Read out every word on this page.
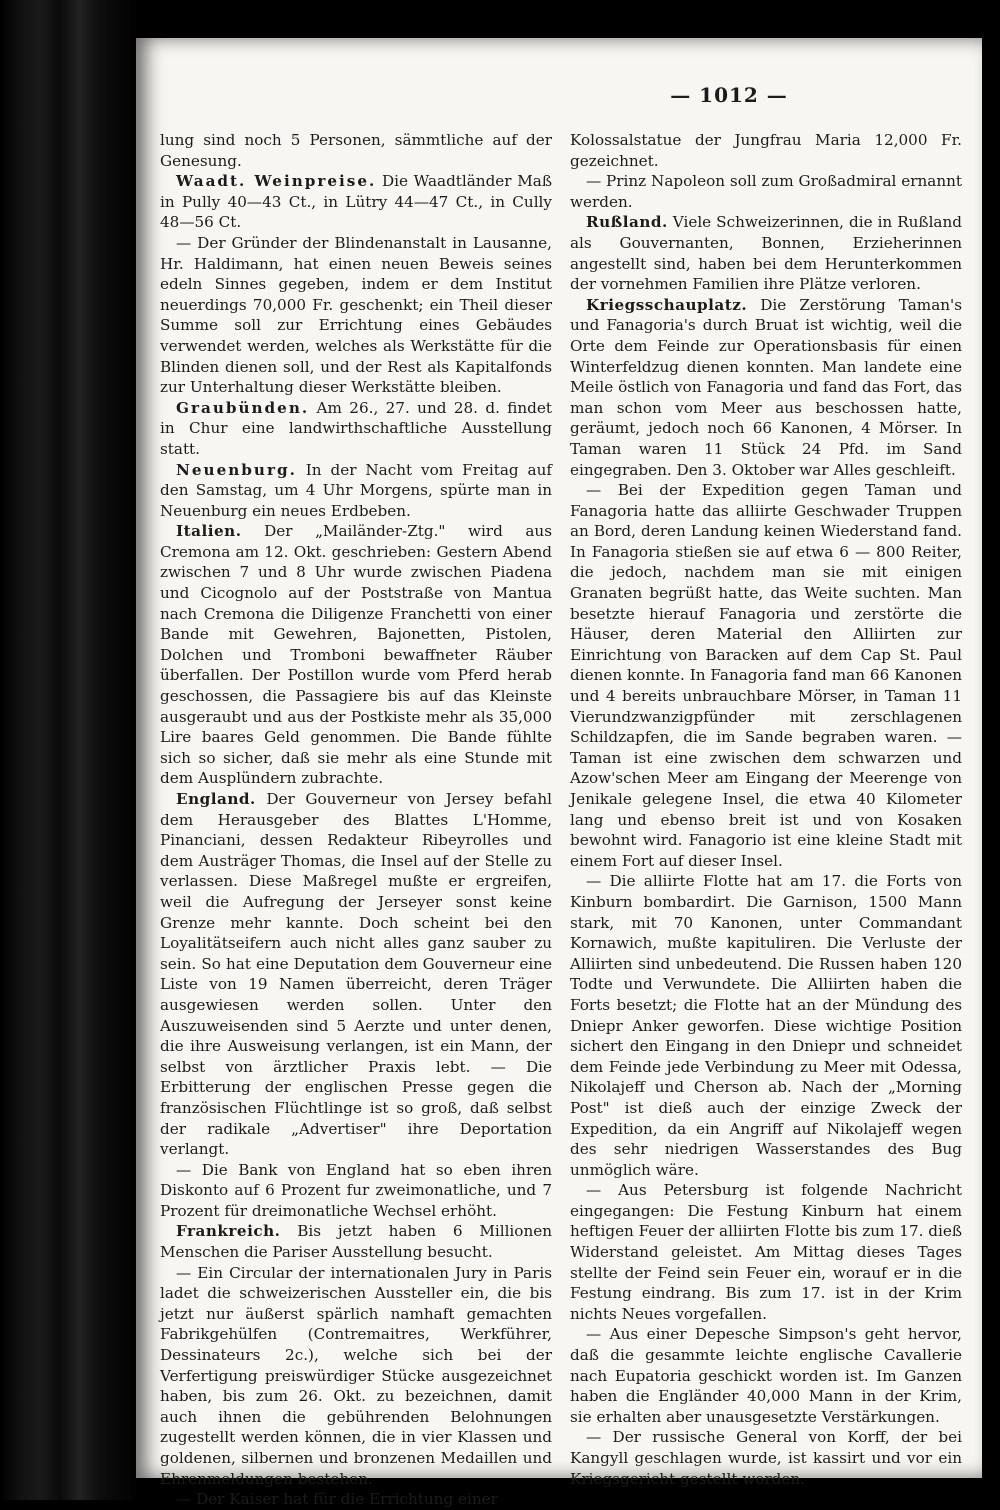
— 1012 —

lung sind noch 5 Personen, sämmtliche auf der Genesung.

Waadt. Weinpreise. Die Waadtländer Maß in Pully 40—43 Ct., in Lütry 44—47 Ct., in Cully 48—56 Ct.

— Der Gründer der Blindenanstalt in Lausanne, Hr. Haldimann, hat einen neuen Beweis seines edeln Sinnes gegeben, indem er dem Institut neuerdings 70,000 Fr. geschenkt; ein Theil dieser Summe soll zur Errichtung eines Gebäudes verwendet werden, welches als Werkstätte für die Blinden dienen soll, und der Rest als Kapitalfonds zur Unterhaltung dieser Werkstätte bleiben.

Graubünden. Am 26., 27. und 28. d. findet in Chur eine landwirthschaftliche Ausstellung statt.

Neuenburg. In der Nacht vom Freitag auf den Samstag, um 4 Uhr Morgens, spürte man in Neuenburg ein neues Erdbeben.

Italien. Der „Mailänder-Ztg." wird aus Cremona am 12. Okt. geschrieben: Gestern Abend zwischen 7 und 8 Uhr wurde zwischen Piadena und Cicognolo auf der Poststraße von Mantua nach Cremona die Diligenze Franchetti von einer Bande mit Gewehren, Bajonetten, Pistolen, Dolchen und Tromboni bewaffneter Räuber überfallen. Der Postillon wurde vom Pferd herab geschossen, die Passagiere bis auf das Kleinste ausgeraubt und aus der Postkiste mehr als 35,000 Lire baares Geld genommen. Die Bande fühlte sich so sicher, daß sie mehr als eine Stunde mit dem Ausplündern zubrachte.

England. Der Gouverneur von Jersey befahl dem Herausgeber des Blattes L'Homme, Pinanciani, dessen Redakteur Ribeyrolles und dem Austräger Thomas, die Insel auf der Stelle zu verlassen. Diese Maßregel mußte er ergreifen, weil die Aufregung der Jerseyer sonst keine Grenze mehr kannte. Doch scheint bei den Loyalitätseifern auch nicht alles ganz sauber zu sein. So hat eine Deputation dem Gouverneur eine Liste von 19 Namen überreicht, deren Träger ausgewiesen werden sollen. Unter den Auszuweisenden sind 5 Aerzte und unter denen, die ihre Ausweisung verlangen, ist ein Mann, der selbst von ärztlicher Praxis lebt. — Die Erbitterung der englischen Presse gegen die französischen Flüchtlinge ist so groß, daß selbst der radikale „Advertiser" ihre Deportation verlangt.

— Die Bank von England hat so eben ihren Diskonto auf 6 Prozent fur zweimonatliche, und 7 Prozent für dreimonatliche Wechsel erhöht.

Frankreich. Bis jetzt haben 6 Millionen Menschen die Pariser Ausstellung besucht.

— Ein Circular der internationalen Jury in Paris ladet die schweizerischen Aussteller ein, die bis jetzt nur äußerst spärlich namhaft gemachten Fabrikgehülfen (Contremaitres, Werkführer, Dessinateurs 2c.), welche sich bei der Verfertigung preiswürdiger Stücke ausgezeichnet haben, bis zum 26. Okt. zu bezeichnen, damit auch ihnen die gebührenden Belohnungen zugestellt werden können, die in vier Klassen und goldenen, silbernen und bronzenen Medaillen und Ehrenmeldungen bestehen.

— Der Kaiser hat für die Errichtung einer

Kolossalstatue der Jungfrau Maria 12,000 Fr. gezeichnet.

— Prinz Napoleon soll zum Großadmiral ernannt werden.

Rußland. Viele Schweizerinnen, die in Rußland als Gouvernanten, Bonnen, Erzieherinnen angestellt sind, haben bei dem Herunterkommen der vornehmen Familien ihre Plätze verloren.

Kriegsschauplatz. Die Zerstörung Taman's und Fanagoria's durch Bruat ist wichtig, weil die Orte dem Feinde zur Operationsbasis für einen Winterfeldzug dienen konnten. Man landete eine Meile östlich von Fanagoria und fand das Fort, das man schon vom Meer aus beschossen hatte, geräumt, jedoch noch 66 Kanonen, 4 Mörser. In Taman waren 11 Stück 24 Pfd. im Sand eingegraben. Den 3. Oktober war Alles geschleift.

— Bei der Expedition gegen Taman und Fanagoria hatte das alliirte Geschwader Truppen an Bord, deren Landung keinen Wiederstand fand. In Fanagoria stießen sie auf etwa 6 — 800 Reiter, die jedoch, nachdem man sie mit einigen Granaten begrüßt hatte, das Weite suchten. Man besetzte hierauf Fanagoria und zerstörte die Häuser, deren Material den Alliirten zur Einrichtung von Baracken auf dem Cap St. Paul dienen konnte. In Fanagoria fand man 66 Kanonen und 4 bereits unbrauchbare Mörser, in Taman 11 Vierundzwanzigpfünder mit zerschlagenen Schildzapfen, die im Sande begraben waren. — Taman ist eine zwischen dem schwarzen und Azow'schen Meer am Eingang der Meerenge von Jenikale gelegene Insel, die etwa 40 Kilometer lang und ebenso breit ist und von Kosaken bewohnt wird. Fanagorio ist eine kleine Stadt mit einem Fort auf dieser Insel.

— Die alliirte Flotte hat am 17. die Forts von Kinburn bombardirt. Die Garnison, 1500 Mann stark, mit 70 Kanonen, unter Commandant Kornawich, mußte kapituliren. Die Verluste der Alliirten sind unbedeutend. Die Russen haben 120 Todte und Verwundete. Die Alliirten haben die Forts besetzt; die Flotte hat an der Mündung des Dniepr Anker geworfen. Diese wichtige Position sichert den Eingang in den Dniepr und schneidet dem Feinde jede Verbindung zu Meer mit Odessa, Nikolajeff und Cherson ab. Nach der „Morning Post" ist dieß auch der einzige Zweck der Expedition, da ein Angriff auf Nikolajeff wegen des sehr niedrigen Wasserstandes des Bug unmöglich wäre.

— Aus Petersburg ist folgende Nachricht eingegangen: Die Festung Kinburn hat einem heftigen Feuer der alliirten Flotte bis zum 17. dieß Widerstand geleistet. Am Mittag dieses Tages stellte der Feind sein Feuer ein, worauf er in die Festung eindrang. Bis zum 17. ist in der Krim nichts Neues vorgefallen.

— Aus einer Depesche Simpson's geht hervor, daß die gesammte leichte englische Cavallerie nach Eupatoria geschickt worden ist. Im Ganzen haben die Engländer 40,000 Mann in der Krim, sie erhalten aber unausgesetzte Verstärkungen.

— Der russische General von Korff, der bei Kangyll geschlagen wurde, ist kassirt und vor ein Kriegsgericht gestellt worden.
